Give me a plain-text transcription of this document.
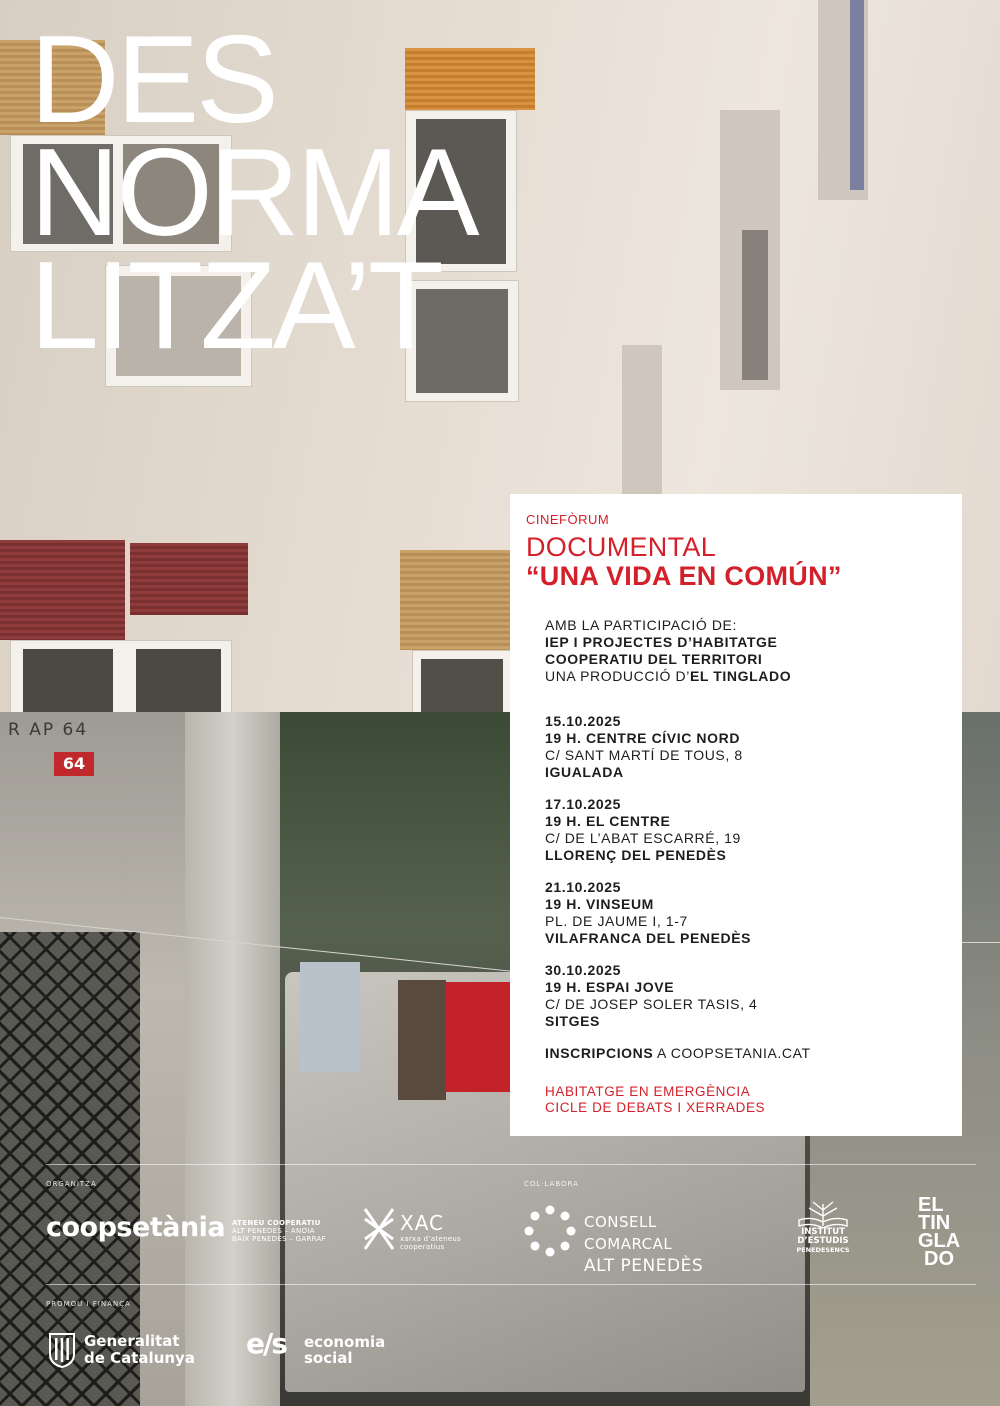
64
R AP 64
DES
NORMA
LITZA’T
CINEFÒRUM
DOCUMENTAL
“UNA VIDA EN COMÚN”
AMB LA PARTICIPACIÓ DE:
IEP I PROJECTES D’HABITATGE
COOPERATIU DEL TERRITORI
UNA PRODUCCIÓ D’EL TINGLADO
15.10.2025
19 H. CENTRE CÍVIC NORD
C/ SANT MARTÍ DE TOUS, 8
IGUALADA
17.10.2025
19 H. EL CENTRE
C/ DE L’ABAT ESCARRÉ, 19
LLORENÇ DEL PENEDÈS
21.10.2025
19 H. VINSEUM
PL. DE JAUME I, 1-7
VILAFRANCA DEL PENEDÈS
30.10.2025
19 H. ESPAI JOVE
C/ DE JOSEP SOLER TASIS, 4
SITGES
INSCRIPCIONS A COOPSETANIA.CAT
HABITATGE EN EMERGÈNCIA
CICLE DE DEBATS I XERRADES
ORGANITZA	COL·LABORA
coopsetània ATENEU COOPERATIU
ALT PENEDÈS – ANOIA
BAIX PENEDÈS – GARRAF
XAC
xarxa d’ateneus
cooperatius
CONSELL COMARCAL
ALT PENEDÈS
INSTITUT
D’ESTUDIS
PENEDESENCS
EL
TIN
GLA
DO
PROMOU I FINANÇA
Generalitat
de Catalunya	e/s economia
social
